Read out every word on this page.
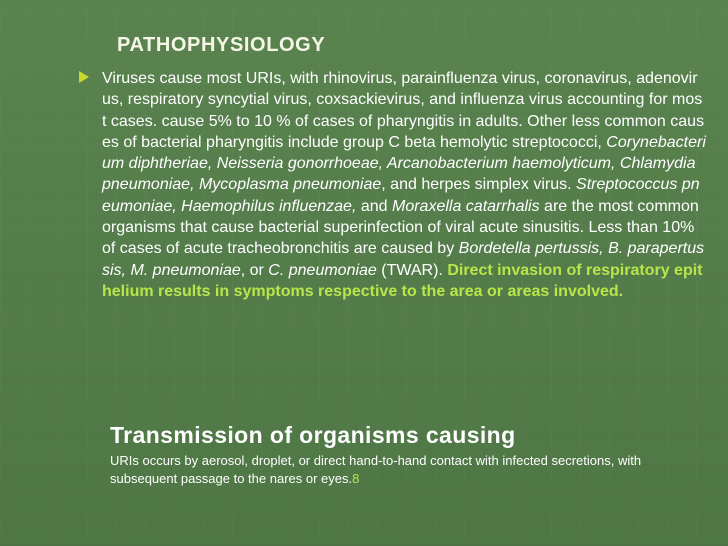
PATHOPHYSIOLOGY

Viruses cause most URIs, with rhinovirus, parainfluenza virus, coronavirus, adenovirus, respiratory syncytial virus, coxsackievirus, and influenza virus accounting for most cases. cause 5% to 10 % of cases of pharyngitis in adults. Other less common causes of bacterial pharyngitis include group C beta hemolytic streptococci, Corynebacterium diphtheriae, Neisseria gonorrhoeae, Arcanobacterium haemolyticum, Chlamydia pneumoniae, Mycoplasma pneumoniae, and herpes simplex virus. Streptococcus pneumoniae, Haemophilus influenzae, and Moraxella catarrhalis are the most common organisms that cause bacterial superinfection of viral acute sinusitis. Less than 10% of cases of acute tracheobronchitis are caused by Bordetella pertussis, B. parapertussis, M. pneumoniae, or C. pneumoniae (TWAR). Direct invasion of respiratory epithelium results in symptoms respective to the area or areas involved.

Transmission of organisms causing

URIs occurs by aerosol, droplet, or direct hand-to-hand contact with infected secretions, with subsequent passage to the nares or eyes.8
